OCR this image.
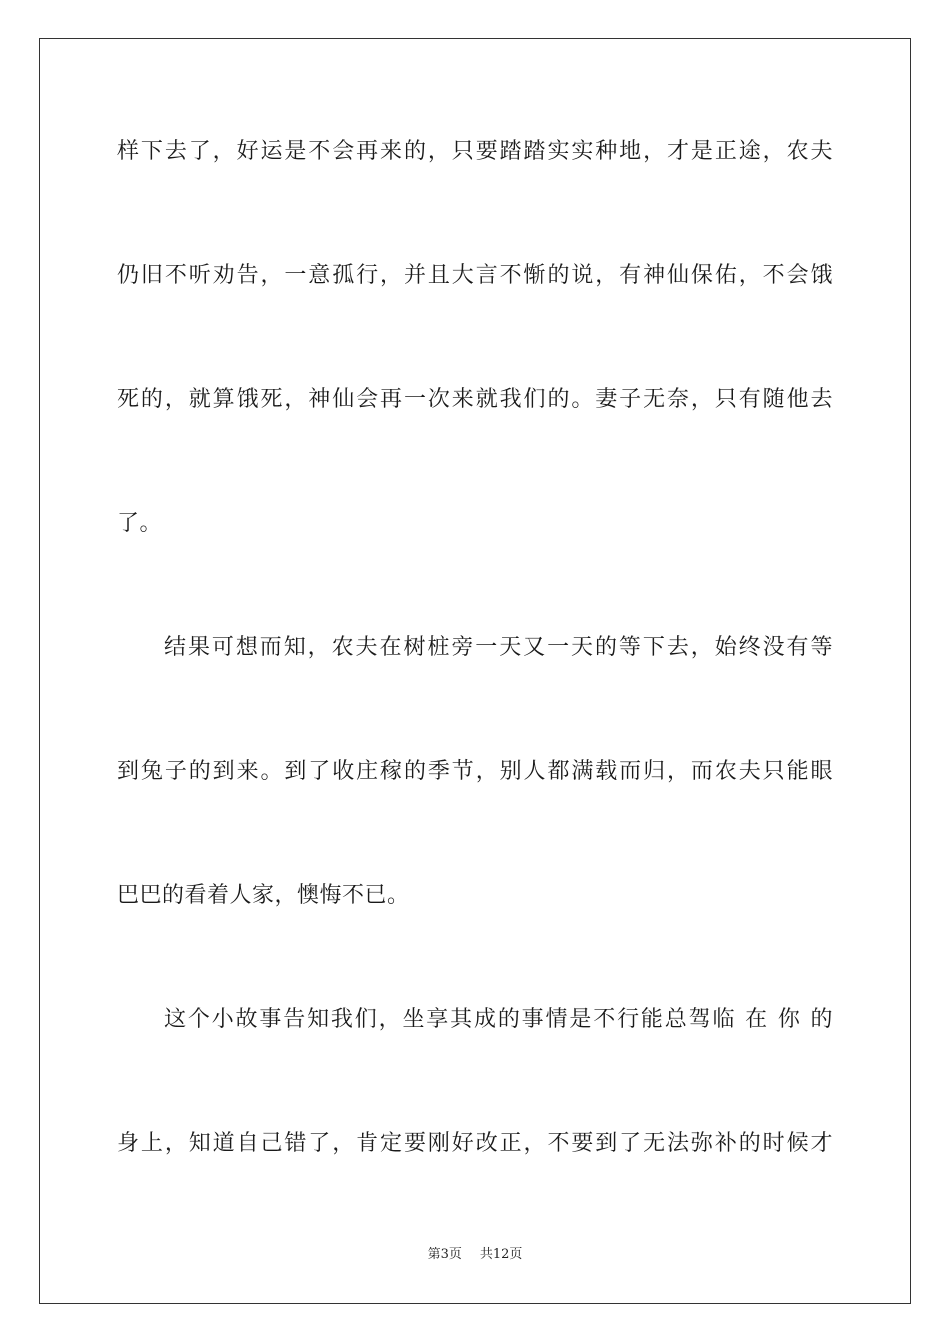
样下去了，好运是不会再来的，只要踏踏实实种地，才是正途，农夫
仍旧不听劝告，一意孤行，并且大言不惭的说，有神仙保佑，不会饿
死的，就算饿死，神仙会再一次来就我们的。妻子无奈，只有随他去
了。
结果可想而知，农夫在树桩旁一天又一天的等下去，始终没有等
到兔子的到来。到了收庄稼的季节，别人都满载而归，而农夫只能眼
巴巴的看着人家，懊悔不已。
这个小故事告知我们，坐享其成的事情是不行能总驾临 在 你 的
身上，知道自己错了，肯定要刚好改正，不要到了无法弥补的时候才
第3页 共12页
